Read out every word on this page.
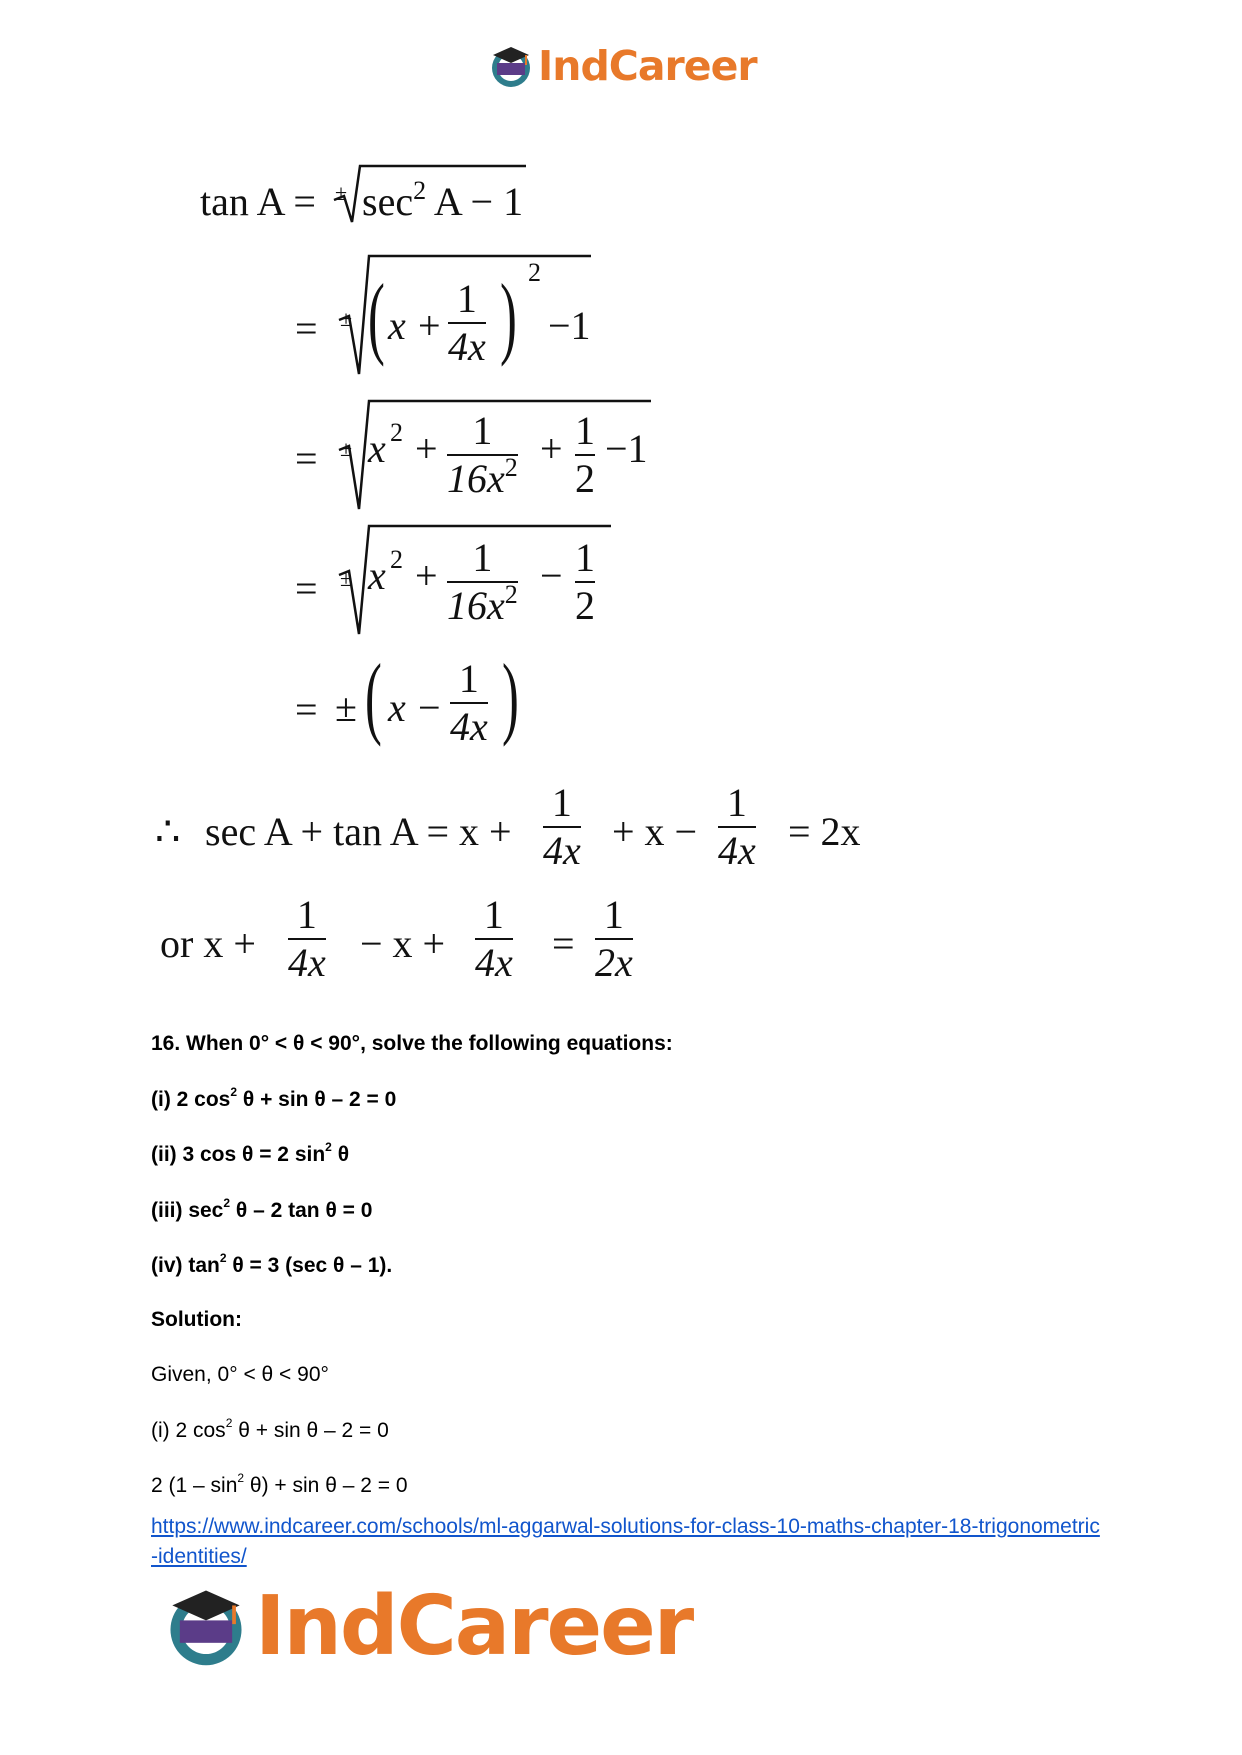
IndCareer
tan A = ± $\sec^2 A - 1$
= ± ( x +
1
4x ) 2
−1
= ± x 2 + 1
$16x^2 + 1$
2
−1
= ± x 2 + 1
$16x^2 - 1$
2
= ± ( x −
1
4x )
∴ sec A + tan A = x +
1
4x + x −
1
4x = 2x
or x +
1
4x − x +
1
4x =
1
2x
16. When 0° < θ < 90°, solve the following equations:
(i) 2 $\cos^2 \theta + \sin \theta - 2 = 0$
(ii) 3 cos θ = 2 $\sin^2 \theta$
(iii) $\sec^2 \theta - 2$ tan θ = 0
(iv) $\tan^2 \theta = 3$ (sec θ – 1).
Solution:
Given, 0° < θ < 90°
(i) 2 $\cos^2 \theta + \sin \theta - 2 = 0$
2 $(1 - \sin^2 \theta) + \sin \theta - 2 = 0$
https://www.indcareer.com/schools/ml-aggarwal-solutions-for-class-10-maths-chapter-18-trigonometric-identities/
IndCareer
